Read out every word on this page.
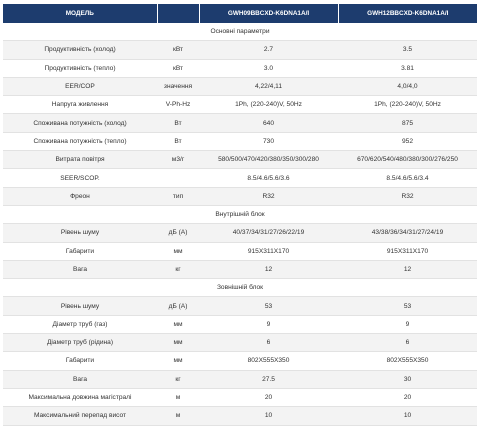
МОДЕЛЬ		GWH09BBCXD-K6DNA1A/I	GWH12BBCXD-K6DNA1A/I
Основні параметри			
Продуктивність (холод)	кВт	2.7	3.5
Продуктивність (тепло)	кВт	3.0	3.81
EER/COP	значення	4,22/4,11	4,0/4,0
Напруга живлення	V-Ph-Hz	1Ph, (220-240)V, 50Hz	1Ph, (220-240)V, 50Hz
Споживана потужність (холод)	Вт	640	875
Споживана потужність (тепло)	Вт	730	952
Витрата повітря	м3/г	580/500/470/420/380/350/300/280	670/620/540/480/380/300/276/250
SEER/SCOP.		8.5/4.6/5.6/3.6	8.5/4.6/5.6/3.4
Фреон	тип	R32	R32
Внутрішній блок			
Рівень шуму	дБ (А)	40/37/34/31/27/26/22/19	43/38/36/34/31/27/24/19
Габарити	мм	915Х311Х170	915Х311Х170
Вага	кг	12	12
Зовнішній блок			
Рівень шуму	дБ (А)	53	53
Діаметр труб (газ)	мм	9	9
Діаметр труб (рідина)	мм	6	6
Габарити	мм	802Х555Х350	802Х555Х350
Вага	кг	27.5	30
Максимальна довжина магістралі	м	20	20
Максимальний перепад висот	м	10	10
